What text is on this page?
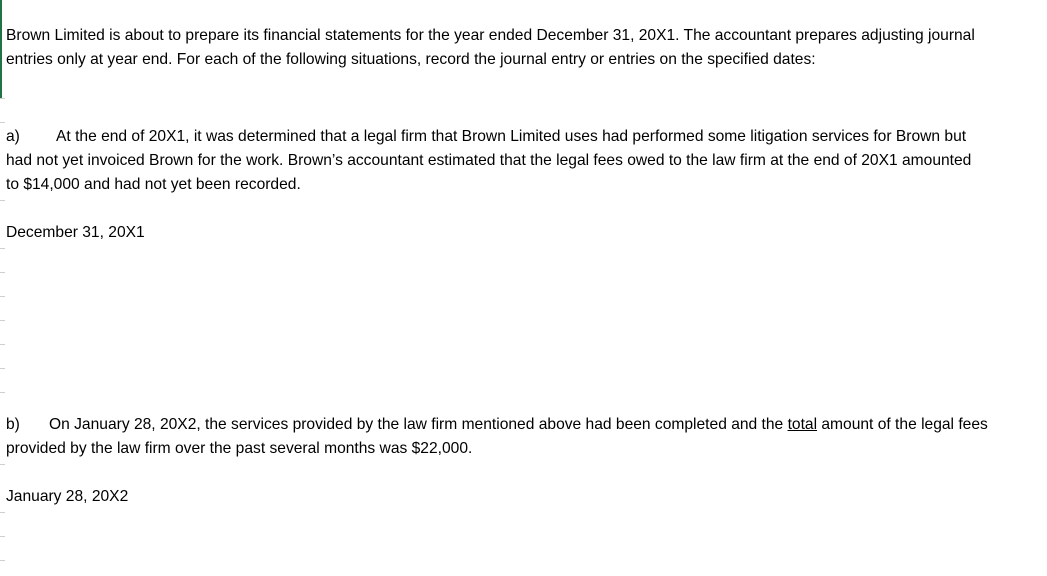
Brown Limited is about to prepare its financial statements for the year ended December 31, 20X1. The accountant prepares adjusting journal
entries only at year end. For each of the following situations, record the journal entry or entries on the specified dates:
a) At the end of 20X1, it was determined that a legal firm that Brown Limited uses had performed some litigation services for Brown but
had not yet invoiced Brown for the work. Brown’s accountant estimated that the legal fees owed to the law firm at the end of 20X1 amounted
to $14,000 and had not yet been recorded.
December 31, 20X1
b) On January 28, 20X2, the services provided by the law firm mentioned above had been completed and the total amount of the legal fees
provided by the law firm over the past several months was $22,000.
January 28, 20X2
